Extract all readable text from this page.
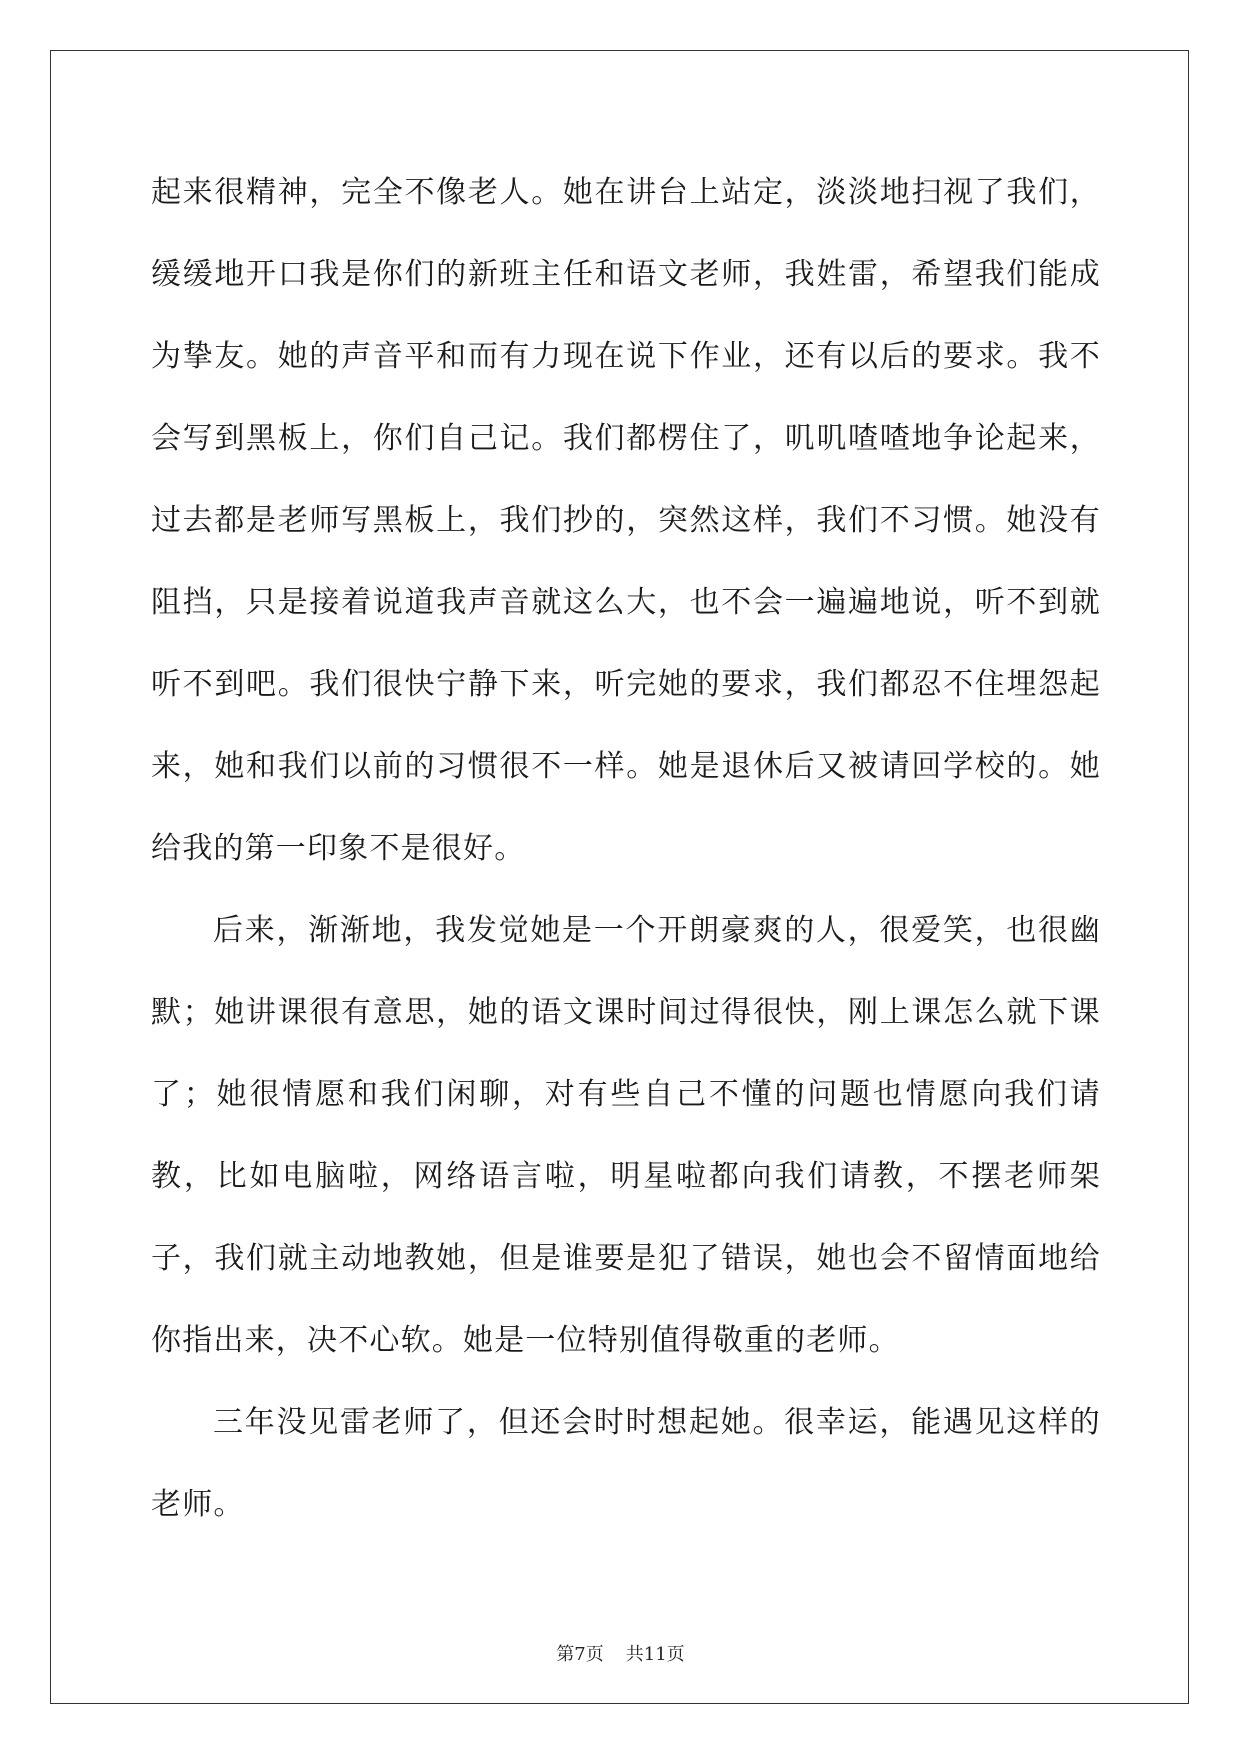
起来很精神，完全不像老人。她在讲台上站定，淡淡地扫视了我们，缓缓地开口我是你们的新班主任和语文老师，我姓雷，希望我们能成为挚友。她的声音平和而有力现在说下作业，还有以后的要求。我不会写到黑板上，你们自己记。我们都楞住了，叽叽喳喳地争论起来，过去都是老师写黑板上，我们抄的，突然这样，我们不习惯。她没有阻挡，只是接着说道我声音就这么大，也不会一遍遍地说，听不到就听不到吧。我们很快宁静下来，听完她的要求，我们都忍不住埋怨起来，她和我们以前的习惯很不一样。她是退休后又被请回学校的。她给我的第一印象不是很好。

后来，渐渐地，我发觉她是一个开朗豪爽的人，很爱笑，也很幽默；她讲课很有意思，她的语文课时间过得很快，刚上课怎么就下课了；她很情愿和我们闲聊，对有些自己不懂的问题也情愿向我们请教，比如电脑啦，网络语言啦，明星啦都向我们请教，不摆老师架子，我们就主动地教她，但是谁要是犯了错误，她也会不留情面地给你指出来，决不心软。她是一位特别值得敬重的老师。

三年没见雷老师了，但还会时时想起她。很幸运，能遇见这样的老师。

第7页 共11页
